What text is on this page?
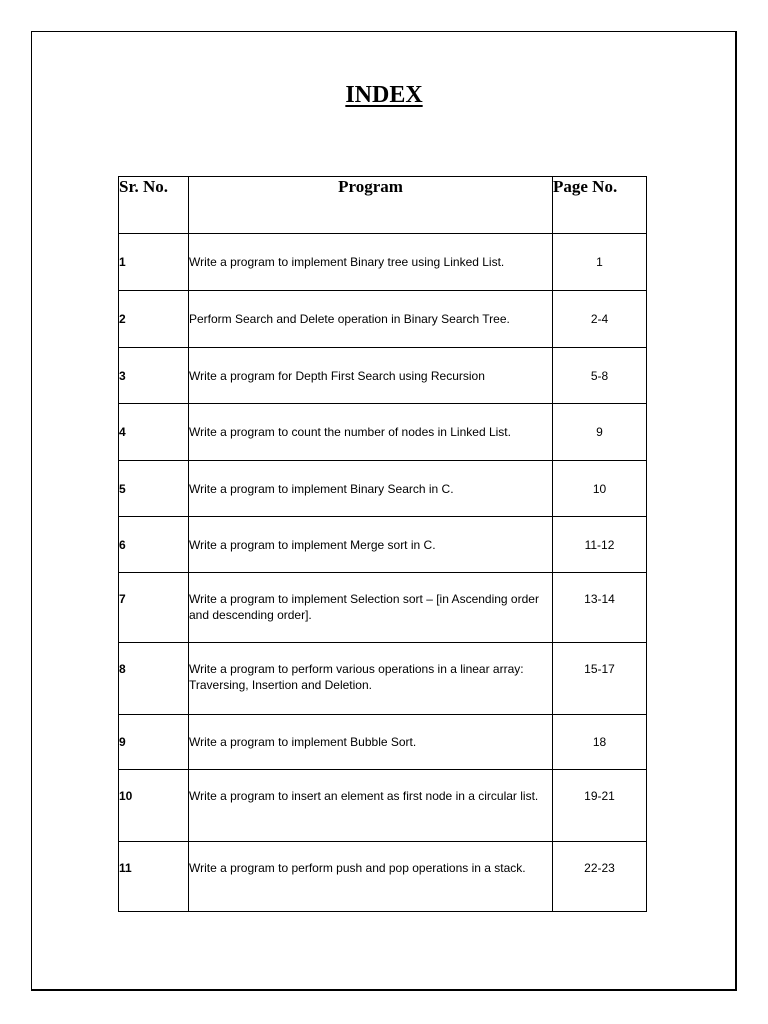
INDEX
Sr. No.	Program	Page No.

1	Write a program to implement Binary tree using Linked List.	1
2	Perform Search and Delete operation in Binary Search Tree.	2-4
3	Write a program for Depth First Search using Recursion	5-8
4	Write a program to count the number of nodes in Linked List.	9
5	Write a program to implement Binary Search in C.	10
6	Write a program to implement Merge sort in C.	11-12
7	Write a program to implement Selection sort – [in Ascending order and descending order].	13-14
8	Write a program to perform various operations in a linear array: Traversing, Insertion and Deletion.	15-17
9	Write a program to implement Bubble Sort.	18
10	Write a program to insert an element as first node in a circular list.	19-21
11	Write a program to perform push and pop operations in a stack.	22-23
